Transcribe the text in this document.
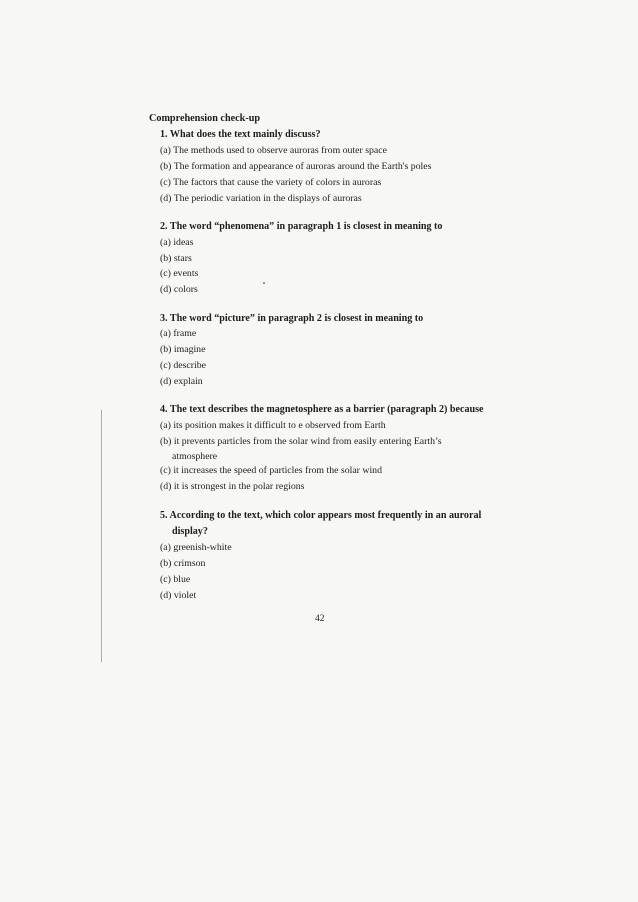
Comprehension check-up
1. What does the text mainly discuss?
(a) The methods used to observe auroras from outer space
(b) The formation and appearance of auroras around the Earth's poles
(c) The factors that cause the variety of colors in auroras
(d) The periodic variation in the displays of auroras
2. The word “phenomena” in paragraph 1 is closest in meaning to
(a) ideas
(b) stars
(c) events
(d) colors
3. The word “picture” in paragraph 2 is closest in meaning to
(a) frame
(b) imagine
(c) describe
(d) explain
4. The text describes the magnetosphere as a barrier (paragraph 2) because
(a) its position makes it difficult to e observed from Earth
(b) it prevents particles from the solar wind from easily entering Earth’s
atmosphere
(c) it increases the speed of particles from the solar wind
(d) it is strongest in the polar regions
5. According to the text, which color appears most frequently in an auroral
display?
(a) greenish-white
(b) crimson
(c) blue
(d) violet
42
